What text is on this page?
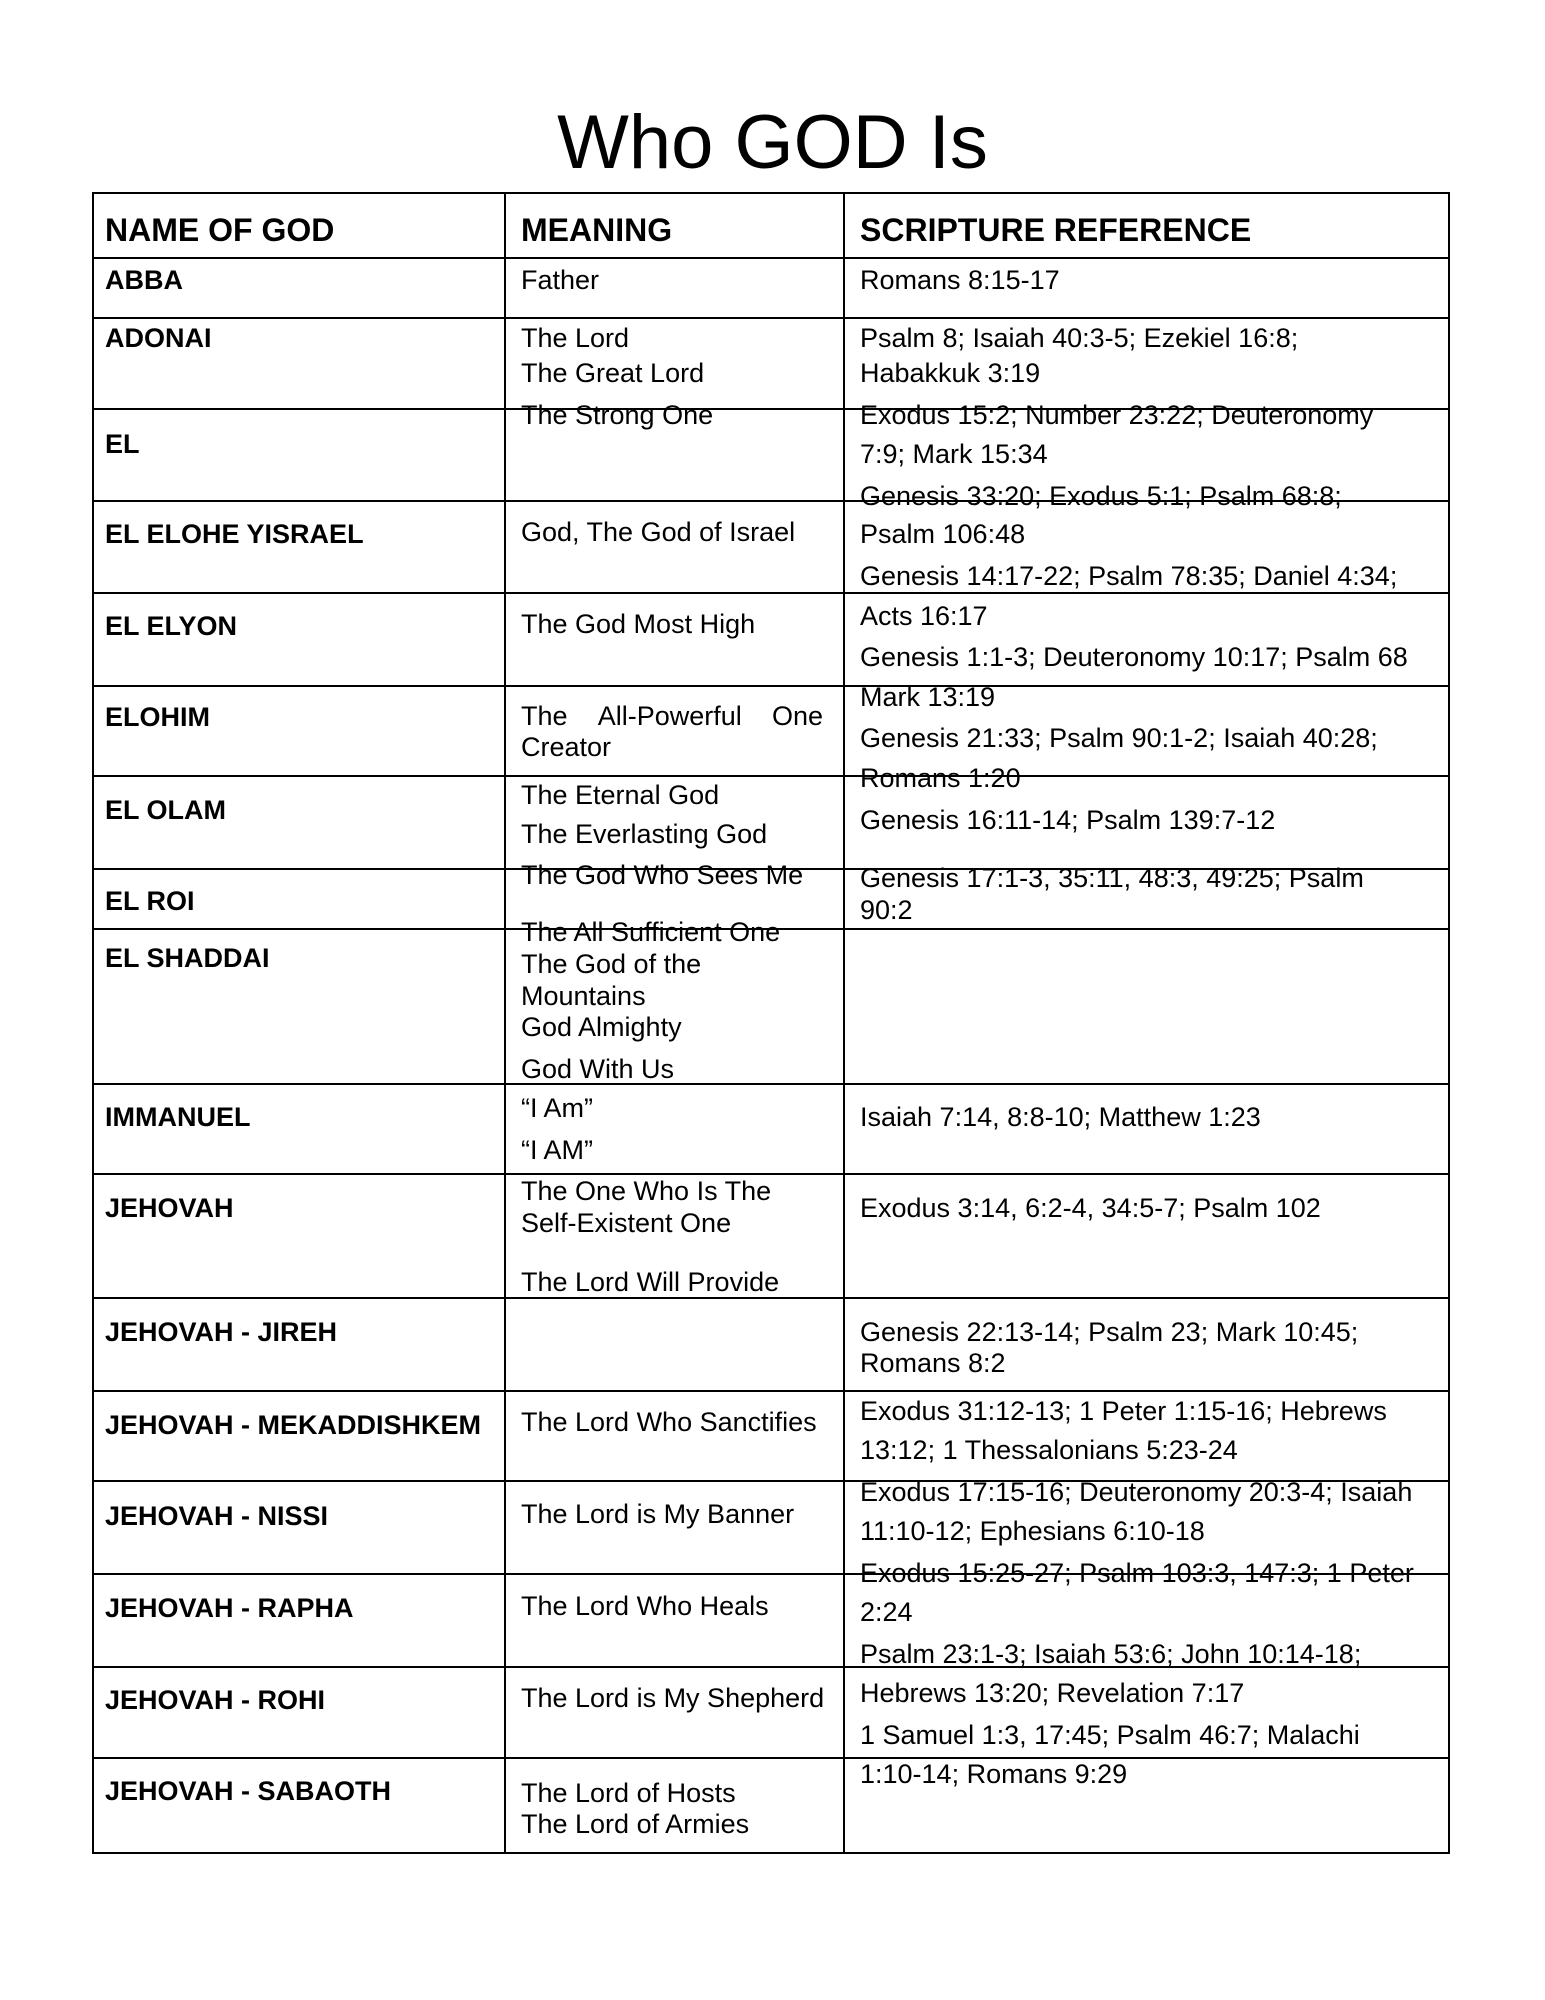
Who GOD Is
NAME OF GOD	MEANING	SCRIPTURE REFERENCE
ABBA
ADONAI
EL
EL ELOHE YISRAEL
EL ELYON
ELOHIM
EL OLAM
EL ROI
EL SHADDAI
IMMANUEL
JEHOVAH
JEHOVAH - JIREH
JEHOVAH - MEKADDISHKEM
JEHOVAH - NISSI
JEHOVAH - RAPHA
JEHOVAH - ROHI
JEHOVAH - SABAOTH
Father
The Lord
The Great Lord
The Strong One
God, The God of Israel
The God Most High
The All-Powerful One
Creator
The Eternal God
The Everlasting God
The God Who Sees Me
The All Sufficient One
The God of the
Mountains
God Almighty
God With Us
“I Am”
“I AM”
The One Who Is The
Self-Existent One
The Lord Will Provide
The Lord Who Sanctifies
The Lord is My Banner
The Lord Who Heals
The Lord is My Shepherd
The Lord of Hosts
The Lord of Armies
Romans 8:15-17
Psalm 8; Isaiah 40:3-5; Ezekiel 16:8;
Habakkuk 3:19
Exodus 15:2; Number 23:22; Deuteronomy
7:9; Mark 15:34
Genesis 33:20; Exodus 5:1; Psalm 68:8;
Psalm 106:48
Genesis 14:17-22; Psalm 78:35; Daniel 4:34;
Acts 16:17
Genesis 1:1-3; Deuteronomy 10:17; Psalm 68
Mark 13:19
Genesis 21:33; Psalm 90:1-2; Isaiah 40:28;
Romans 1:20
Genesis 16:11-14; Psalm 139:7-12
Genesis 17:1-3, 35:11, 48:3, 49:25; Psalm
90:2
Isaiah 7:14, 8:8-10; Matthew 1:23
Exodus 3:14, 6:2-4, 34:5-7; Psalm 102
Genesis 22:13-14; Psalm 23; Mark 10:45;
Romans 8:2
Exodus 31:12-13; 1 Peter 1:15-16; Hebrews
13:12; 1 Thessalonians 5:23-24
Exodus 17:15-16; Deuteronomy 20:3-4; Isaiah
11:10-12; Ephesians 6:10-18
Exodus 15:25-27; Psalm 103:3, 147:3; 1 Peter
2:24
Psalm 23:1-3; Isaiah 53:6; John 10:14-18;
Hebrews 13:20; Revelation 7:17
1 Samuel 1:3, 17:45; Psalm 46:7; Malachi
1:10-14; Romans 9:29
